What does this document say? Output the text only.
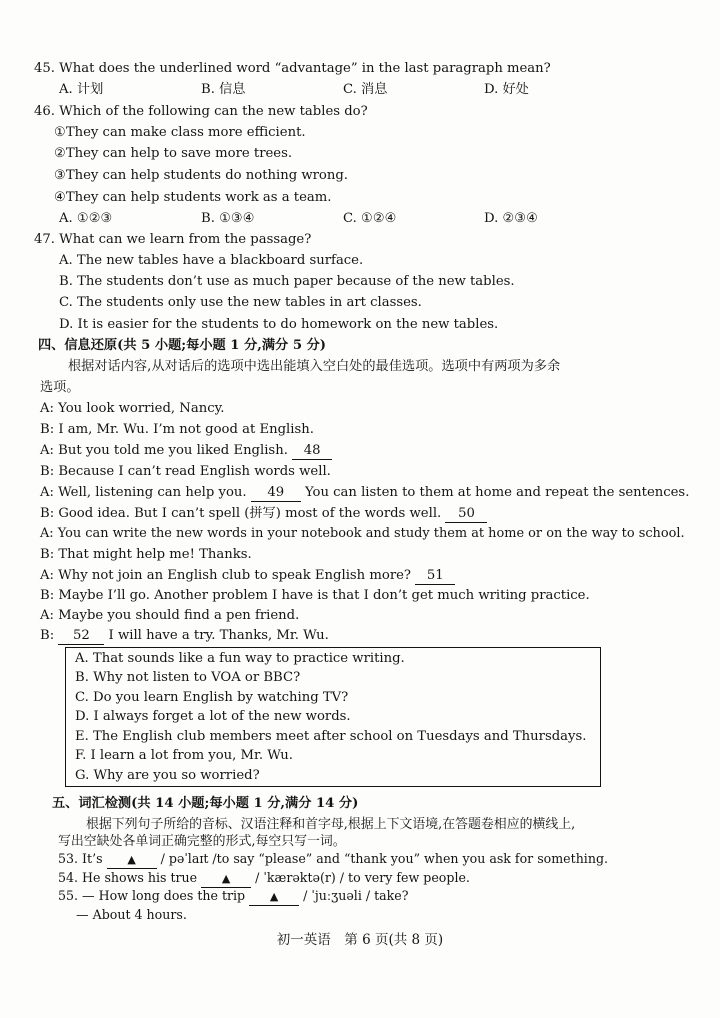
45. What does the underlined word “advantage” in the last paragraph mean?
A. 计划	B. 信息	C. 消息	D. 好处
46. Which of the following can the new tables do?
①They can make class more efficient.
②They can help to save more trees.
③They can help students do nothing wrong.
④They can help students work as a team.
A. ①②③	B. ①③④	C. ①②④	D. ②③④
47. What can we learn from the passage?
A. The new tables have a blackboard surface.
B. The students don’t use as much paper because of the new tables.
C. The students only use the new tables in art classes.
D. It is easier for the students to do homework on the new tables.
四、信息还原(共 5 小题;每小题 1 分,满分 5 分)
根据对话内容,从对话后的选项中选出能填入空白处的最佳选项。选项中有两项为多余
选项。
A: You look worried, Nancy.
B: I am, Mr. Wu. I’m not good at English.
A: But you told me you liked English. 48
B: Because I can’t read English words well.
A: Well, listening can help you. 49 You can listen to them at home and repeat the sentences.
B: Good idea. But I can’t spell (拼写) most of the words well. 50
A: You can write the new words in your notebook and study them at home or on the way to school.
B: That might help me! Thanks.
A: Why not join an English club to speak English more? 51
B: Maybe I’ll go. Another problem I have is that I don’t get much writing practice.
A: Maybe you should find a pen friend.
B: 52 I will have a try. Thanks, Mr. Wu.
A. That sounds like a fun way to practice writing.
B. Why not listen to VOA or BBC?
C. Do you learn English by watching TV?
D. I always forget a lot of the new words.
E. The English club members meet after school on Tuesdays and Thursdays.
F. I learn a lot from you, Mr. Wu.
G. Why are you so worried?
五、词汇检测(共 14 小题;每小题 1 分,满分 14 分)
根据下列句子所给的音标、汉语注释和首字母,根据上下文语境,在答题卷相应的横线上,
写出空缺处各单词正确完整的形式,每空只写一词。
53. It’s ▲ / pəˈlaɪt /to say “please” and “thank you” when you ask for something.
54. He shows his true ▲ / ˈkærəktə(r) / to very few people.
55. — How long does the trip ▲ / ˈjuːʒuəli / take?
— About 4 hours.
初一英语　第 6 页(共 8 页)
